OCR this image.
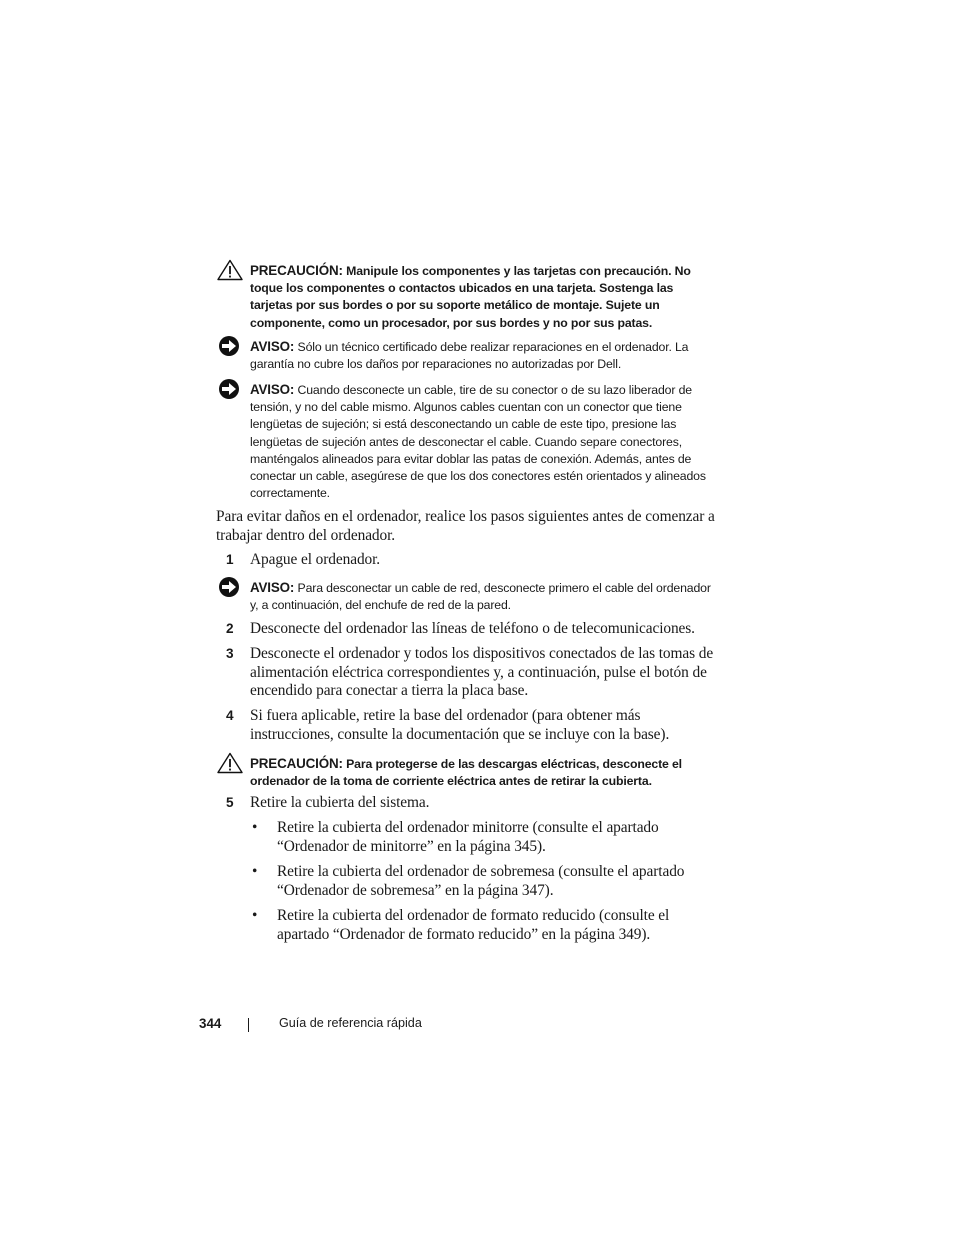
PRECAUCIÓN: Manipule los componentes y las tarjetas con precaución. No toque los componentes o contactos ubicados en una tarjeta. Sostenga las tarjetas por sus bordes o por su soporte metálico de montaje. Sujete un componente, como un procesador, por sus bordes y no por sus patas.
AVISO: Sólo un técnico certificado debe realizar reparaciones en el ordenador. La garantía no cubre los daños por reparaciones no autorizadas por Dell.
AVISO: Cuando desconecte un cable, tire de su conector o de su lazo liberador de tensión, y no del cable mismo. Algunos cables cuentan con un conector que tiene lengüetas de sujeción; si está desconectando un cable de este tipo, presione las lengüetas de sujeción antes de desconectar el cable. Cuando separe conectores, manténgalos alineados para evitar doblar las patas de conexión. Además, antes de conectar un cable, asegúrese de que los dos conectores estén orientados y alineados correctamente.
Para evitar daños en el ordenador, realice los pasos siguientes antes de comenzar a trabajar dentro del ordenador.
1 Apague el ordenador.
AVISO: Para desconectar un cable de red, desconecte primero el cable del ordenador y, a continuación, del enchufe de red de la pared.
2 Desconecte del ordenador las líneas de teléfono o de telecomunicaciones.
3 Desconecte el ordenador y todos los dispositivos conectados de las tomas de alimentación eléctrica correspondientes y, a continuación, pulse el botón de encendido para conectar a tierra la placa base.
4 Si fuera aplicable, retire la base del ordenador (para obtener más instrucciones, consulte la documentación que se incluye con la base).
PRECAUCIÓN: Para protegerse de las descargas eléctricas, desconecte el ordenador de la toma de corriente eléctrica antes de retirar la cubierta.
5 Retire la cubierta del sistema.
• Retire la cubierta del ordenador minitorre (consulte el apartado “Ordenador de minitorre” en la página 345).
• Retire la cubierta del ordenador de sobremesa (consulte el apartado “Ordenador de sobremesa” en la página 347).
• Retire la cubierta del ordenador de formato reducido (consulte el apartado “Ordenador de formato reducido” en la página 349).
344	Guía de referencia rápida
